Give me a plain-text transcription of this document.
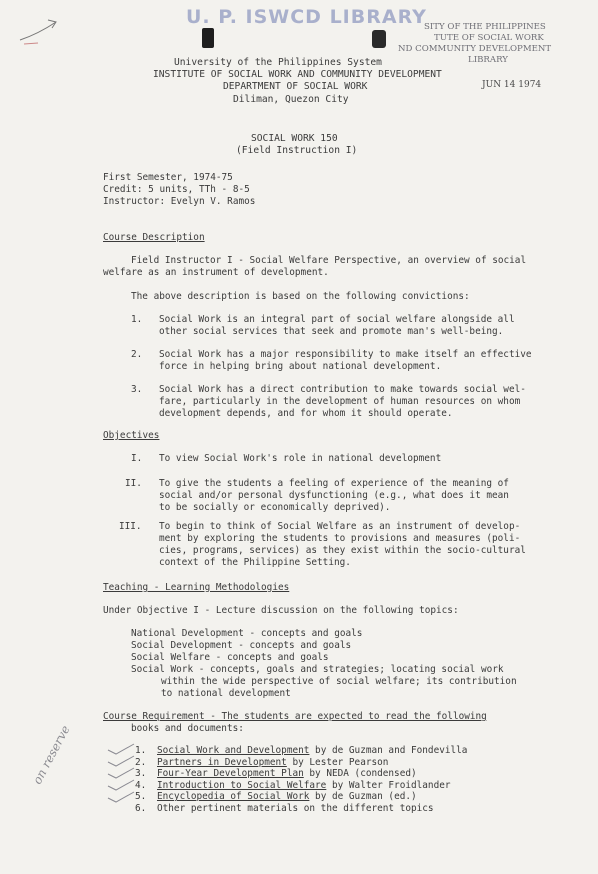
U. P. ISWCD LIBRARY
SITY OF THE PHILIPPINES
TUTE OF SOCIAL WORK
ND COMMUNITY DEVELOPMENT
LIBRARY
JUN 14 1974
University of the Philippines System
INSTITUTE OF SOCIAL WORK AND COMMUNITY DEVELOPMENT
DEPARTMENT OF SOCIAL WORK
Diliman, Quezon City
SOCIAL WORK 150
(Field Instruction I)
First Semester, 1974-75
Credit: 5 units, TTh - 8-5
Instructor: Evelyn V. Ramos
Course Description
Field Instructor I - Social Welfare Perspective, an overview of social
welfare as an instrument of development.
The above description is based on the following convictions:
1. Social Work is an integral part of social welfare alongside all
other social services that seek and promote man's well-being.
2. Social Work has a major responsibility to make itself an effective
force in helping bring about national development.
3. Social Work has a direct contribution to make towards social wel-
fare, particularly in the development of human resources on whom
development depends, and for whom it should operate.
Objectives
I. To view Social Work's role in national development
II. To give the students a feeling of experience of the meaning of
social and/or personal dysfunctioning (e.g., what does it mean
to be socially or economically deprived).
III. To begin to think of Social Welfare as an instrument of develop-
ment by exploring the students to provisions and measures (poli-
cies, programs, services) as they exist within the socio-cultural
context of the Philippine Setting.
Teaching - Learning Methodologies
Under Objective I - Lecture discussion on the following topics:
National Development - concepts and goals
Social Development - concepts and goals
Social Welfare - concepts and goals
Social Work - concepts, goals and strategies; locating social work
within the wide perspective of social welfare; its contribution
to national development
Course Requirement - The students are expected to read the following
books and documents:
1. Social Work and Development by de Guzman and Fondevilla
2. Partners in Development by Lester Pearson
3. Four-Year Development Plan by NEDA (condensed)
4. Introduction to Social Welfare by Walter Froidlander
5. Encyclopedia of Social Work by de Guzman (ed.)
6. Other pertinent materials on the different topics
on reserve
